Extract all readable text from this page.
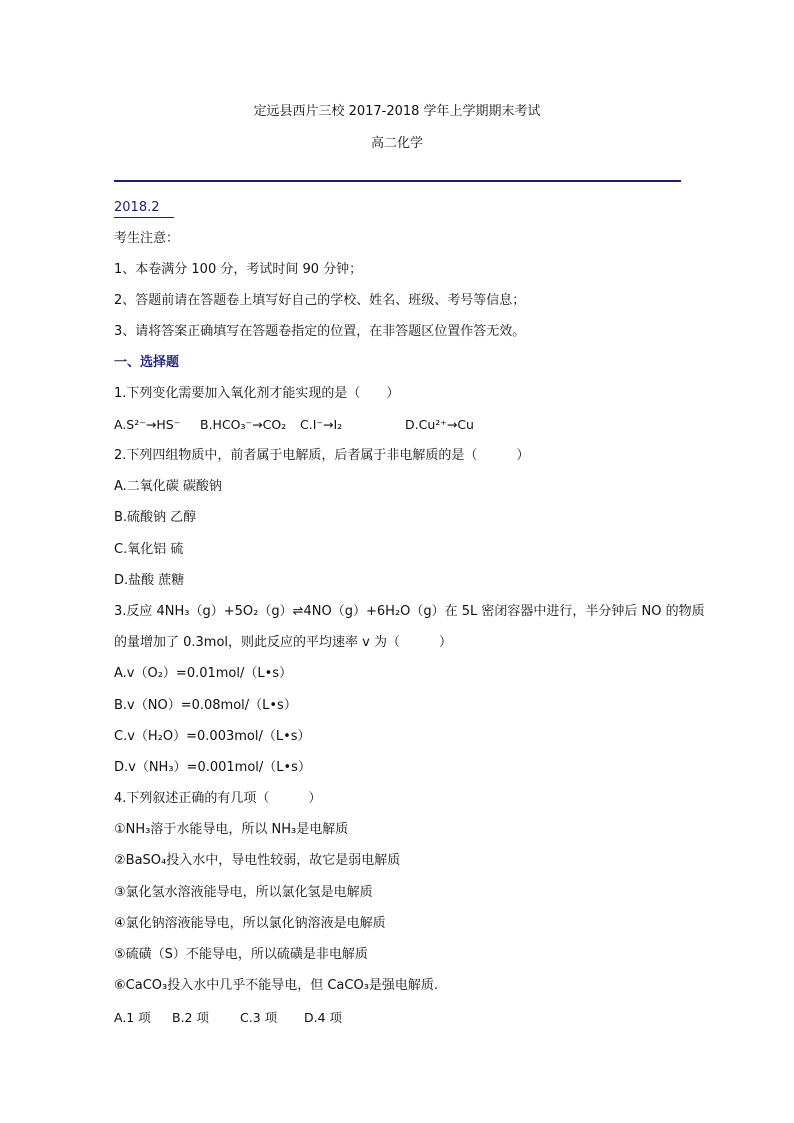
定远县西片三校 2017-2018 学年上学期期末考试
高二化学
2018.2
考生注意：
1、本卷满分 100 分，考试时间 90 分钟；
2、答题前请在答题卷上填写好自己的学校、姓名、班级、考号等信息；
3、请将答案正确填写在答题卷指定的位置，在非答题区位置作答无效。
一、选择题
1.下列变化需要加入氧化剂才能实现的是（　　）
A.S²⁻→HS⁻ B.HCO₃⁻→CO₂ C.I⁻→I₂	D.Cu²⁺→Cu
2.下列四组物质中，前者属于电解质，后者属于非电解质的是（　　　）
A.二氧化碳 碳酸钠
B.硫酸钠 乙醇
C.氧化铝 硫
D.盐酸 蔗糖
3.反应 4NH₃（g）+5O₂（g）⇌4NO（g）+6H₂O（g）在 5L 密闭容器中进行，半分钟后 NO 的物质
的量增加了 0.3mol，则此反应的平均速率 v 为（　　　）
A.v（O₂）=0.01mol/（L•s）
B.v（NO）=0.08mol/（L•s）
C.v（H₂O）=0.003mol/（L•s）
D.v（NH₃）=0.001mol/（L•s）
4.下列叙述正确的有几项（　　　）
①NH₃溶于水能导电，所以 NH₃是电解质
②BaSO₄投入水中，导电性较弱，故它是弱电解质
③氯化氢水溶液能导电，所以氯化氢是电解质
④氯化钠溶液能导电，所以氯化钠溶液是电解质
⑤硫磺（S）不能导电，所以硫磺是非电解质
⑥CaCO₃投入水中几乎不能导电，但 CaCO₃是强电解质.
A.1 项 B.2 项 C.3 项 D.4 项
